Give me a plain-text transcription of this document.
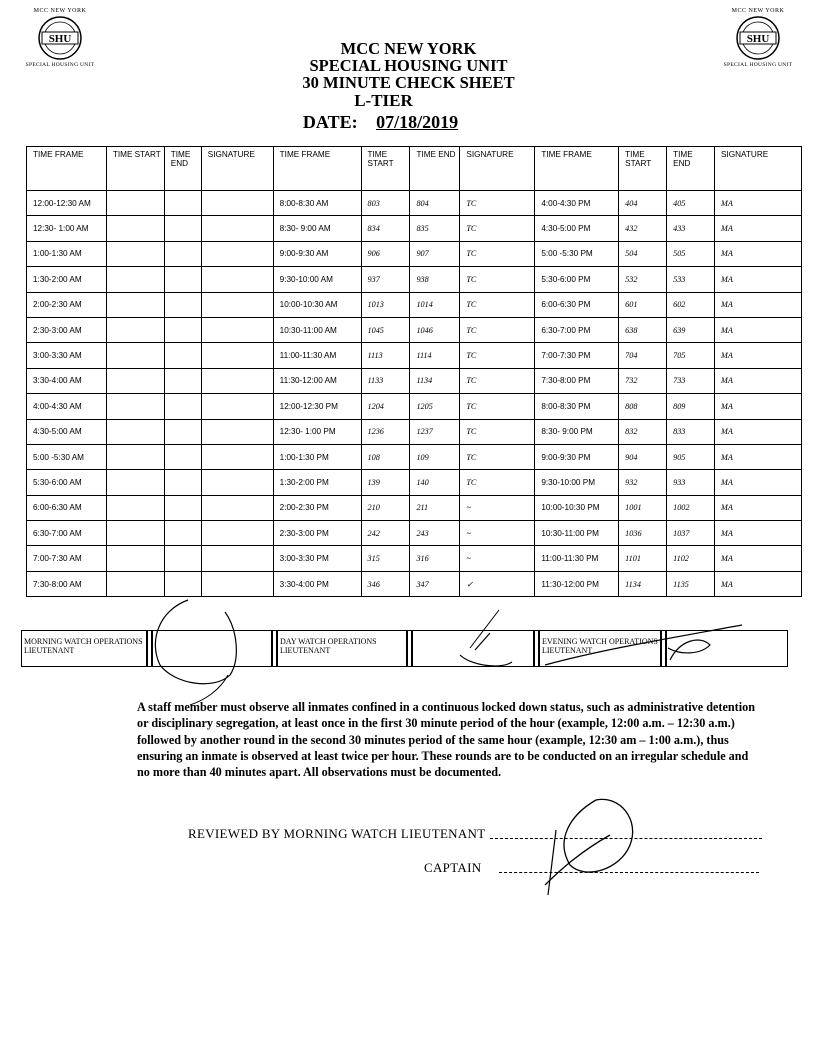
MCC NEW YORK
SHU
SPECIAL HOUSING UNIT
MCC NEW YORK
SHU
SPECIAL HOUSING UNIT
MCC NEW YORK
SPECIAL HOUSING UNIT
30 MINUTE CHECK SHEET
L-TIER
DATE: 07/18/2019
TIME FRAME	TIME START	TIME END	SIGNATURE	TIME FRAME	TIME START	TIME END	SIGNATURE	TIME FRAME	TIME START	TIME END	SIGNATURE
12:00-12:30 AM				8:00-8:30 AM	803	804	TC	4:00-4:30 PM	404	405	MA
12:30- 1:00 AM				8:30- 9:00 AM	834	835	TC	4:30-5:00 PM	432	433	MA
1:00-1:30 AM				9:00-9:30 AM	906	907	TC	5:00 -5:30 PM	504	505	MA
1:30-2:00 AM				9:30-10:00 AM	937	938	TC	5:30-6:00 PM	532	533	MA
2:00-2:30 AM				10:00-10:30 AM	1013	1014	TC	6:00-6:30 PM	601	602	MA
2:30-3:00 AM				10:30-11:00 AM	1045	1046	TC	6:30-7:00 PM	638	639	MA
3:00-3:30 AM				11:00-11:30 AM	1113	1114	TC	7:00-7:30 PM	704	705	MA
3:30-4:00 AM				11:30-12:00 AM	1133	1134	TC	7:30-8:00 PM	732	733	MA
4:00-4:30 AM				12:00-12:30 PM	1204	1205	TC	8:00-8:30 PM	808	809	MA
4:30-5:00 AM				12:30- 1:00 PM	1236	1237	TC	8:30- 9:00 PM	832	833	MA
5:00 -5:30 AM				1:00-1:30 PM	108	109	TC	9:00-9:30 PM	904	905	MA
5:30-6:00 AM				1:30-2:00 PM	139	140	TC	9:30-10:00 PM	932	933	MA
6:00-6:30 AM				2:00-2:30 PM	210	211	~	10:00-10:30 PM	1001	1002	MA
6:30-7:00 AM				2:30-3:00 PM	242	243	~	10:30-11:00 PM	1036	1037	MA
7:00-7:30 AM				3:00-3:30 PM	315	316	~	11:00-11:30 PM	1101	1102	MA
7:30-8:00 AM				3:30-4:00 PM	346	347	✓	11:30-12:00 PM	1134	1135	MA
MORNING WATCH OPERATIONS LIEUTENANT
DAY WATCH OPERATIONS LIEUTENANT
EVENING WATCH OPERATIONS LIEUTENANT
A staff member must observe all inmates confined in a continuous locked down status, such as administrative detention or disciplinary segregation, at least once in the first 30 minute period of the hour (example, 12:00 a.m. – 12:30 a.m.) followed by another round in the second 30 minutes period of the same hour (example, 12:30 am – 1:00 a.m.), thus ensuring an inmate is observed at least twice per hour. These rounds are to be conducted on an irregular schedule and no more than 40 minutes apart. All observations must be documented.
REVIEWED BY MORNING WATCH LIEUTENANT
CAPTAIN
